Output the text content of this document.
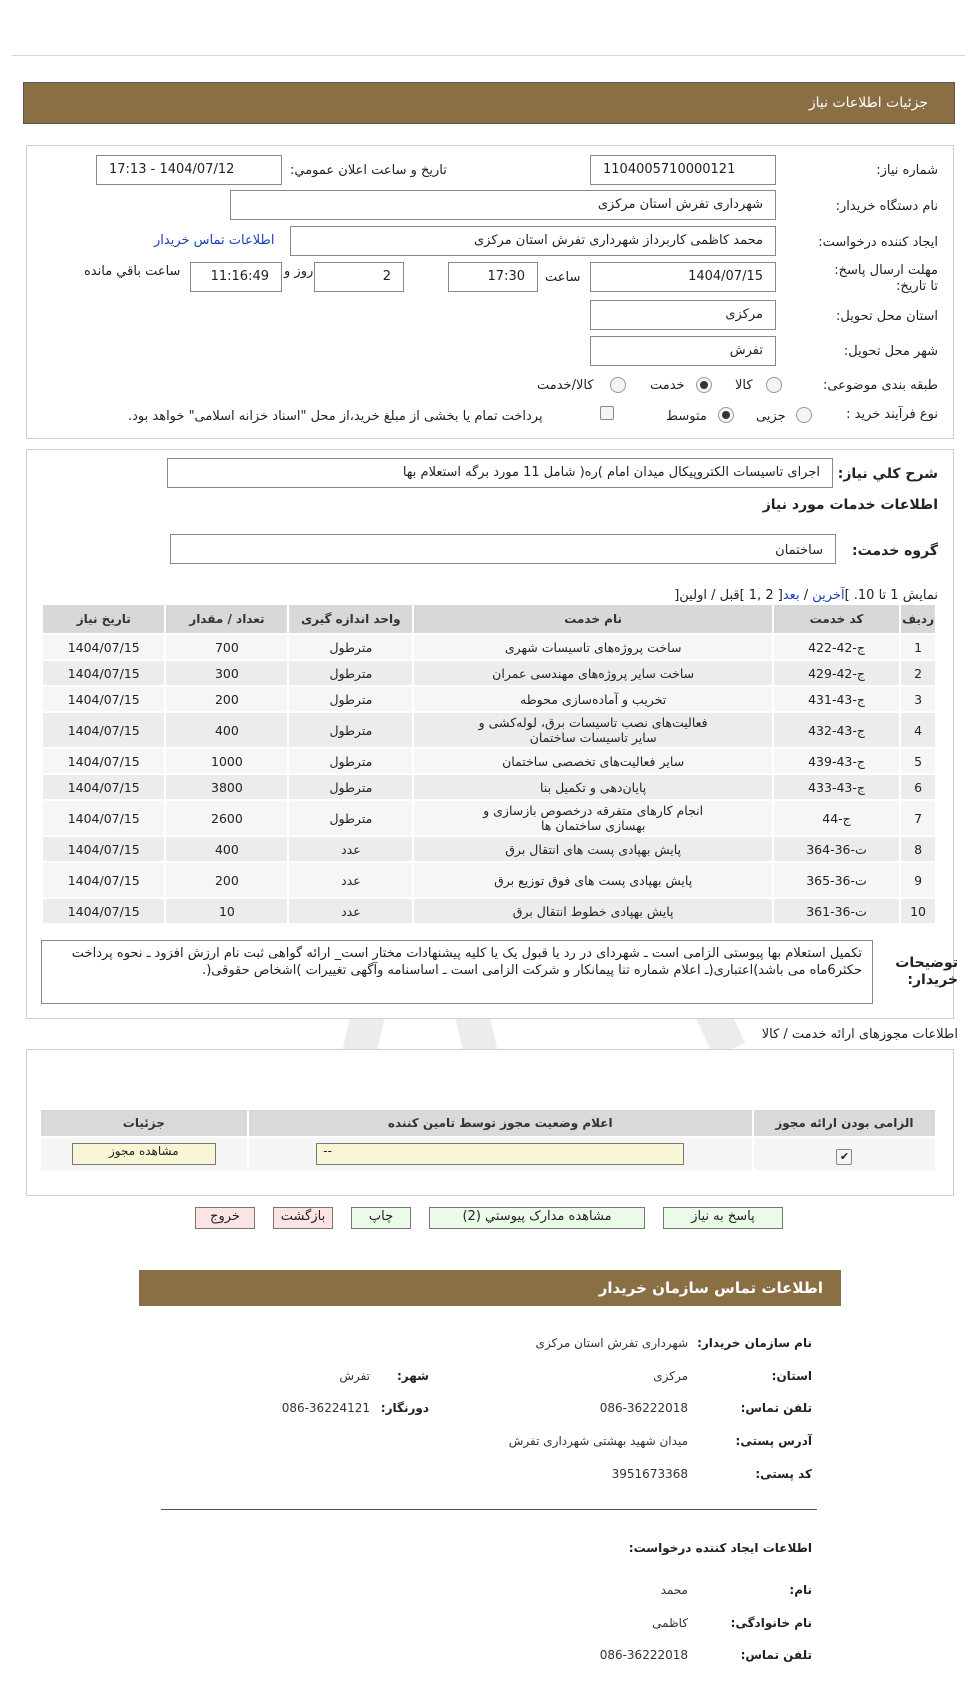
جزئیات اطلاعات نیاز
شماره نیاز:
1104005710000121
تاریخ و ساعت اعلان عمومي:
1404/07/12 - 17:13
نام دستگاه خريدار:
شهرداری تفرش استان مرکزی
ايجاد کننده درخواست:
محمد کاظمی کاربرداز شهرداری تفرش استان مرکزی
اطلاعات تماس خریدار
مهلت ارسال پاسخ: تا تاريخ:
1404/07/15
ساعت
17:30
2
روز و
11:16:49
ساعت باقي مانده
استان محل تحویل:
مرکزی
شهر محل تحویل:
تفرش
طبقه بندی موضوعی:
کالا
خدمت
کالا/خدمت
نوع فرآیند خرید :
جزیی
متوسط
پرداخت تمام یا بخشی از مبلغ خرید،از محل "اسناد خزانه اسلامی" خواهد بود.
شرح کلي نياز:
اجرای تاسیسات الکتروپیکال میدان امام )ره( شامل 11 مورد برگه استعلام بها
اطلاعات خدمات مورد نياز
گروه خدمت:
ساختمان
نمایش 1 تا 10. ]آخرین / بعد[ 2 ,1 ]قبل / اولین[
رديف	کد خدمت	نام خدمت	واحد اندازه گيری	تعداد / مقدار	تاريخ نياز
1	ج-42-422	ساخت پروژه‌های تاسیسات شهری	مترطول	700	1404/07/15
2	ج-42-429	ساخت سایر پروژه‌های مهندسی عمران	مترطول	300	1404/07/15
3	ج-43-431	تخریب و آماده‌سازی محوطه	مترطول	200	1404/07/15
4	ج-43-432	فعالیت‌های نصب تاسیسات برق، لوله‌کشی و سایر تاسیسات ساختمان	مترطول	400	1404/07/15
5	ج-43-439	سایر فعالیت‌های تخصصی ساختمان	مترطول	1000	1404/07/15
6	ج-43-433	پایان‌دهی و تکمیل بنا	مترطول	3800	1404/07/15
7	ج-44	انجام کارهای متفرقه درخصوص بازسازی و بهسازی ساختمان ها	مترطول	2600	1404/07/15
8	ت-36-364	پایش بهپادی پست های انتقال برق	عدد	400	1404/07/15
9	ت-36-365	پایش بهپادی پست های فوق توزیع برق	عدد	200	1404/07/15
10	ت-36-361	پایش بهپادی خطوط انتقال برق	عدد	10	1404/07/15
توضيحات خريدار:
تکمیل استعلام بها پیوستی الزامی است ـ شهردای در رد یا قبول یک یا کلیه پیشنهادات مختار است_ ارائه گواهی ثبت نام ارزش افزود ـ نحوه پرداخت حکثر6ماه می باشد)اعتباری(ـ اعلام شماره تنا پیمانکار و شرکت الزامی است ـ اساسنامه وآگهی تغییرات )اشخاص حقوقی(.
اطلاعات مجوزهای ارائه خدمت / کالا
الزامی بودن ارائه مجوز	اعلام وضعیت مجوز توسط تامین کننده	جزئیات

✔	--	مشاهده مجوز
پاسخ به نیاز
مشاهده مدارک پیوستي (2)
چاپ
بازگشت
خروج
اطلاعات تماس سازمان خريدار
نام سازمان خريدار:
شهرداری تفرش استان مرکزی
استان:
مرکزی
شهر:
تفرش
تلفن تماس:
086-36222018
دورنگار:
086-36224121
آدرس پستی:
میدان شهید بهشتی شهرداری تفرش
کد پستی:
3951673368
اطلاعات ایجاد کننده درخواست:
نام:
محمد
نام خانوادگی:
کاظمی
تلفن تماس:
086-36222018
